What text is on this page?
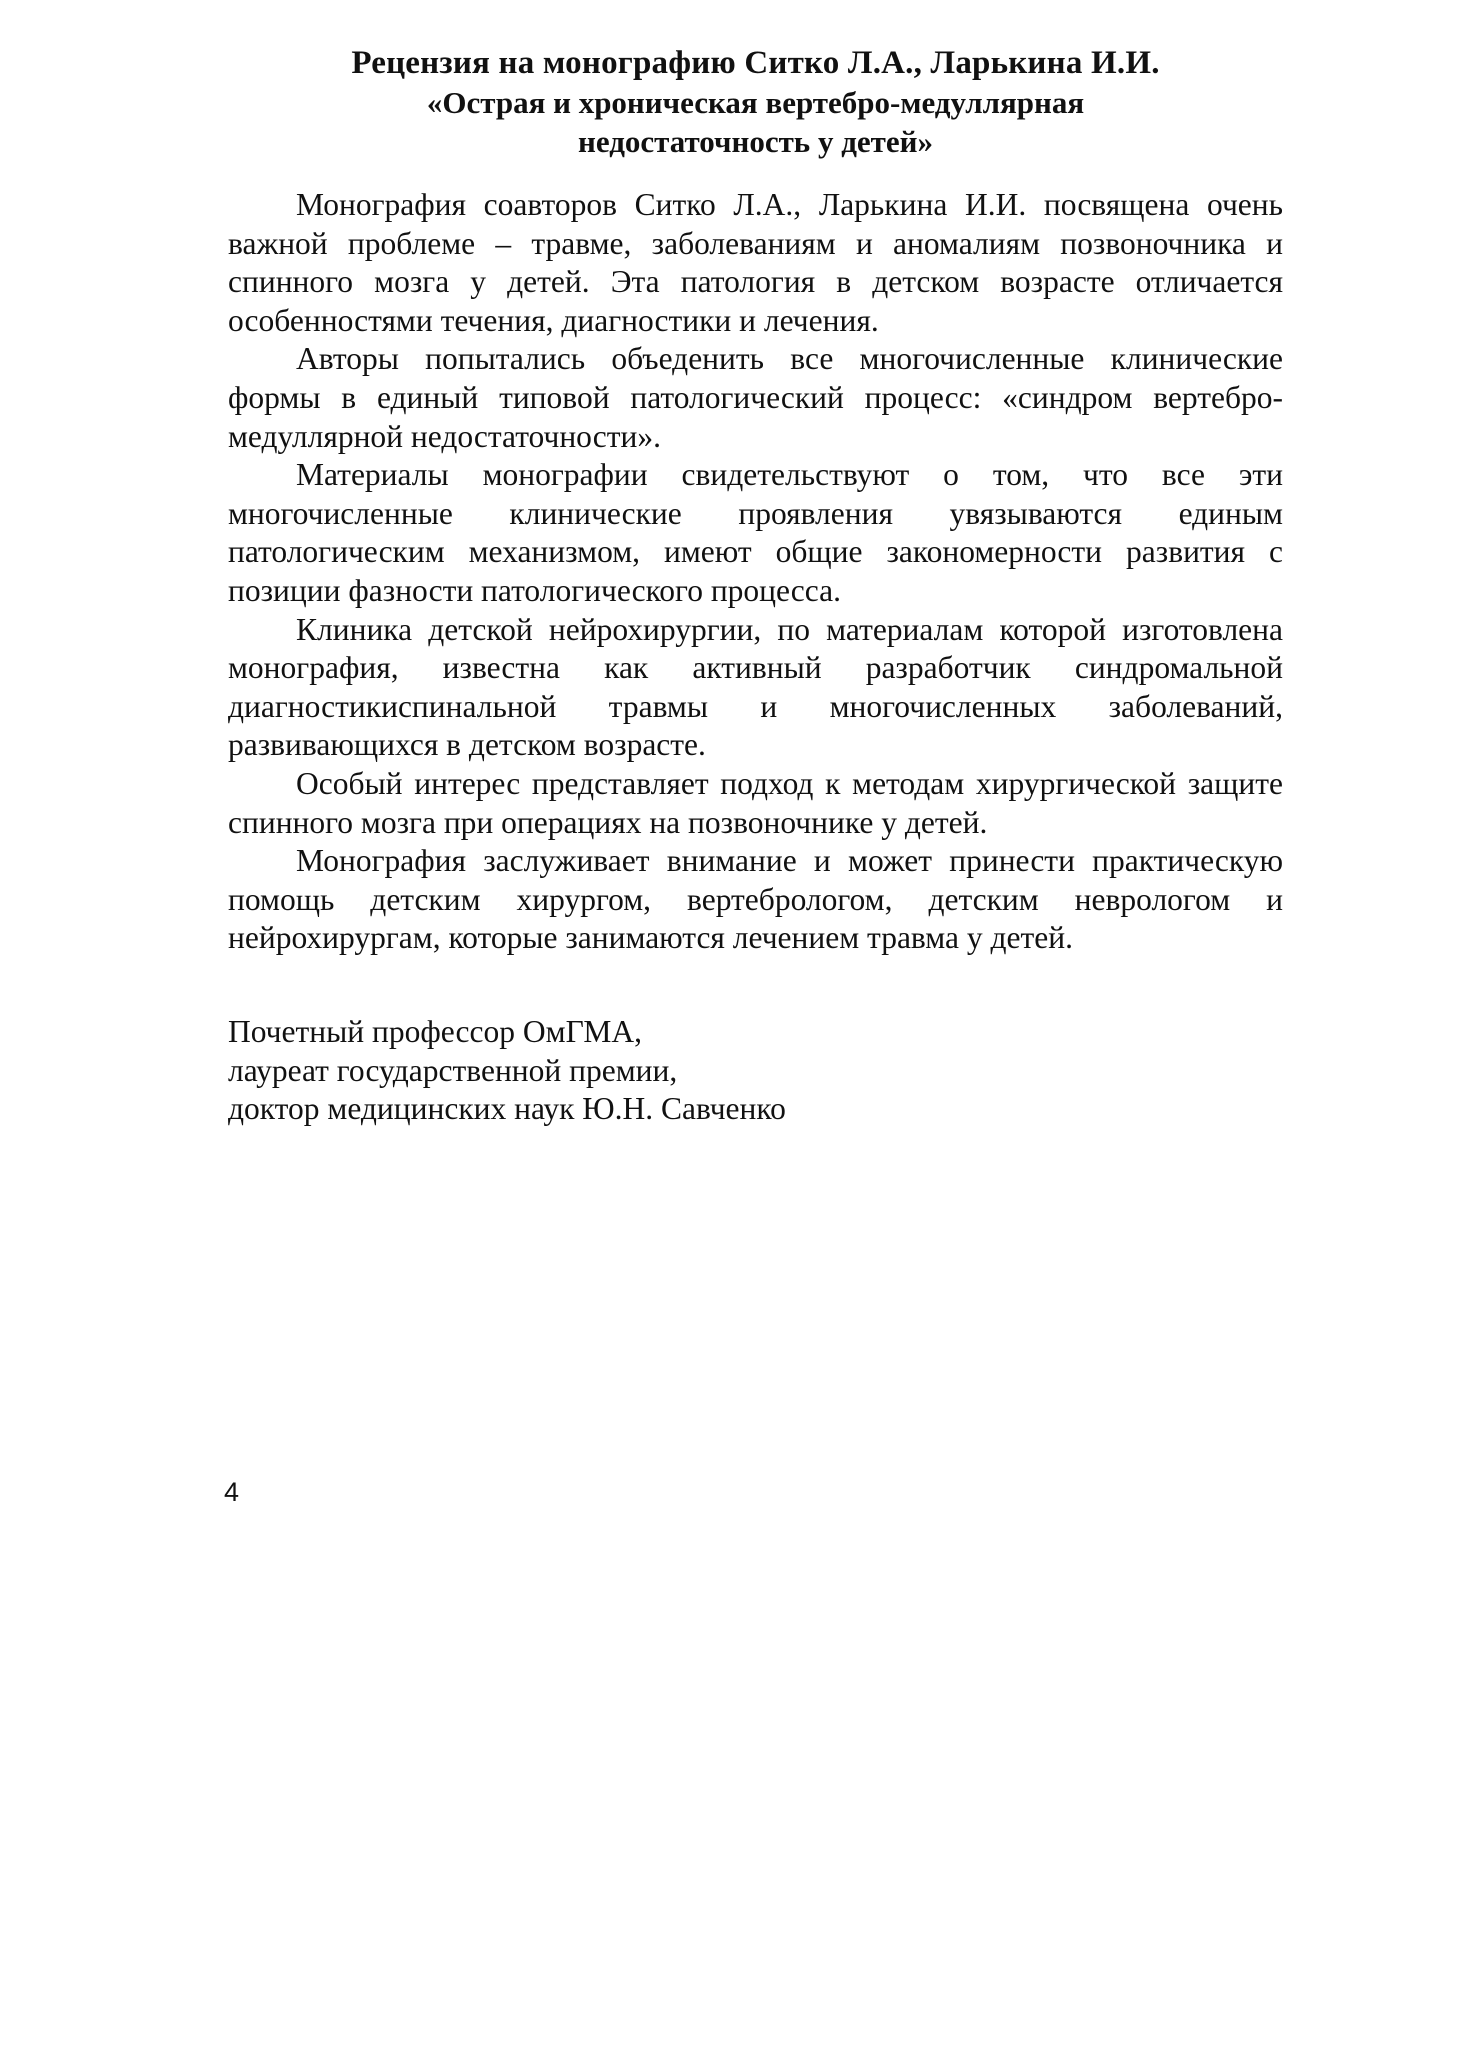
Рецензия на монографию Ситко Л.А., Ларькина И.И.
«Острая и хроническая вертебро-медуллярная
недостаточность у детей»

Монография соавторов Ситко Л.А., Ларькина И.И. посвящена очень важной проблеме – травме, заболеваниям и аномалиям позвоночника и спинного мозга у детей. Эта патология в детском возрасте отличается особенностями течения, диагностики и лечения.

Авторы попытались объеденить все многочисленные клинические формы в единый типовой патологический процесс: «синдром вертебро-медуллярной недостаточности».

Материалы монографии свидетельствуют о том, что все эти многочисленные клинические проявления увязываются единым патологическим механизмом, имеют общие закономерности развития с позиции фазности патологического процесса.

Клиника детской нейрохирургии, по материалам которой изготовлена монография, известна как активный разработчик синдромальной диагностикиспинальной травмы и многочисленных заболеваний, развивающихся в детском возрасте.

Особый интерес представляет подход к методам хирургической защите спинного мозга при операциях на позвоночнике у детей.

Монография заслуживает внимание и может принести практическую помощь детским хирургом, вертебрологом, детским неврологом и нейрохирургам, которые занимаются лечением травма у детей.

Почетный профессор ОмГМА,
лауреат государственной премии,
доктор медицинских наук Ю.Н. Савченко
4
